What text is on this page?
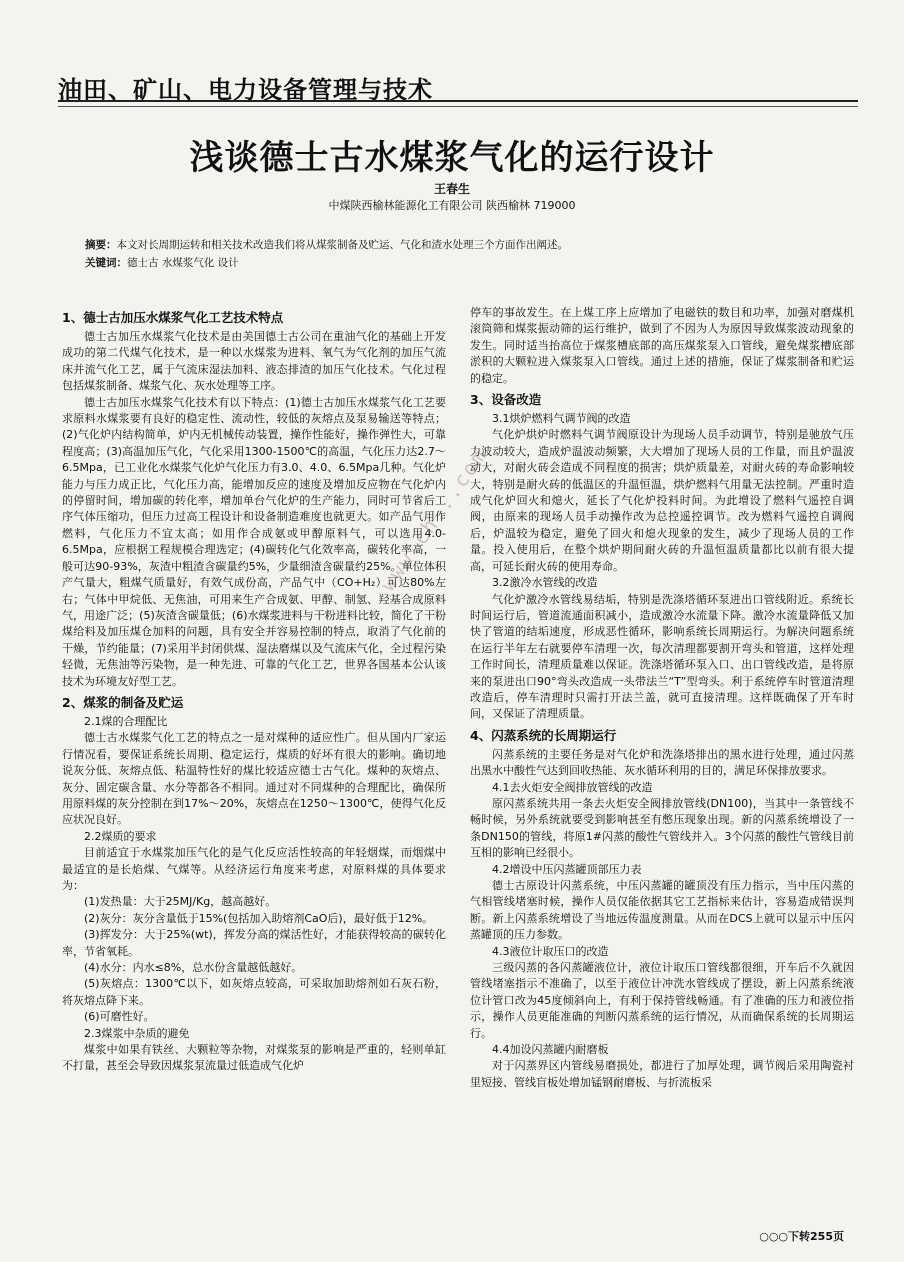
油田、矿山、电力设备管理与技术
浅谈德士古水煤浆气化的运行设计
王春生
中煤陕西榆林能源化工有限公司 陕西榆林 719000
摘要：本文对长周期运转和相关技术改造我们将从煤浆制备及贮运、气化和渣水处理三个方面作出阐述。
关键词：德士古 水煤浆气化 设计
1、德士古加压水煤浆气化工艺技术特点

德士古加压水煤浆气化技术是由美国德士古公司在重油气化的基础上开发成功的第二代煤气化技术，是一种以水煤浆为进料、氧气为气化剂的加压气流床并流气化工艺，属于气流床湿法加料、液态排渣的加压气化技术。气化过程包括煤浆制备、煤浆气化、灰水处理等工序。

德士古加压水煤浆气化技术有以下特点：(1)德士古加压水煤浆气化工艺要求原料水煤浆要有良好的稳定性、流动性，较低的灰熔点及泵易输送等特点；(2)气化炉内结构简单，炉内无机械传动装置，操作性能好，操作弹性大，可靠程度高；(3)高温加压气化，气化采用1300-1500℃的高温，气化压力达2.7～6.5Mpa，已工业化水煤浆气化炉气化压力有3.0、4.0、6.5Mpa几种。气化炉能力与压力成正比，气化压力高，能增加反应的速度及增加反应物在气化炉内的停留时间，增加碳的转化率，增加单台气化炉的生产能力，同时可节省后工序气体压缩功，但压力过高工程设计和设备制造难度也就更大。如产品气用作燃料，气化压力不宜太高；如用作合成氨或甲醇原料气，可以选用4.0-6.5Mpa，应根据工程规模合理选定；(4)碳转化气化效率高，碳转化率高，一般可达90-93%，灰渣中粗渣含碳量约5%，少量细渣含碳量约25%。单位体积产气量大，粗煤气质量好，有效气成份高，产品气中（CO+H₂）可达80%左右；气体中甲烷低、无焦油，可用来生产合成氨、甲醇、制氢、羟基合成原料气，用途广泛；(5)灰渣含碳量低；(6)水煤浆进料与干粉进料比较，简化了干粉煤给料及加压煤仓加料的问题，具有安全并容易控制的特点，取消了气化前的干燥，节约能量；(7)采用半封闭供煤、湿法磨煤以及气流床气化，全过程污染轻微，无焦油等污染物，是一种先进、可靠的气化工艺，世界各国基本公认该技术为环境友好型工艺。

2、煤浆的制备及贮运
2.1煤的合理配比

德士古水煤浆气化工艺的特点之一是对煤种的适应性广。但从国内厂家运行情况看，要保证系统长周期、稳定运行，煤质的好坏有很大的影响。确切地说灰分低、灰熔点低、粘温特性好的煤比较适应德士古气化。煤种的灰熔点、灰分、固定碳含量、水分等都各不相同。通过对不同煤种的合理配比，确保所用原料煤的灰分控制在到17%～20%，灰熔点在1250～1300℃，使得气化反应状况良好。

2.2煤质的要求

目前适宜于水煤浆加压气化的是气化反应活性较高的年轻烟煤，而烟煤中最适宜的是长焰煤、气煤等。从经济运行角度来考虑，对原料煤的具体要求为：

(1)发热量：大于25MJ/Kg，越高越好。

(2)灰分：灰分含量低于15%(包括加入助熔剂CaO后)，最好低于12%。

(3)挥发分：大于25%(wt)，挥发分高的煤活性好，才能获得较高的碳转化率，节省氧耗。

(4)水分：内水≤8%，总水份含量越低越好。

(5)灰熔点：1300℃以下，如灰熔点较高，可采取加助熔剂如石灰石粉，将灰熔点降下来。

(6)可磨性好。

2.3煤浆中杂质的避免

煤浆中如果有铁丝、大颗粒等杂物，对煤浆泵的影响是严重的，轻则单缸不打量，甚至会导致因煤浆泵流量过低造成气化炉

停车的事故发生。在上煤工序上应增加了电磁铁的数目和功率，加强对磨煤机滚筒筛和煤浆振动筛的运行维护，做到了不因为人为原因导致煤浆波动现象的发生。同时适当抬高位于煤浆槽底部的高压煤浆泵入口管线，避免煤浆槽底部淤积的大颗粒进入煤浆泵入口管线。通过上述的措施，保证了煤浆制备和贮运的稳定。

3、设备改造
3.1烘炉燃料气调节阀的改造

气化炉烘炉时燃料气调节阀原设计为现场人员手动调节，特别是驰放气压力波动较大，造成炉温波动频繁，大大增加了现场人员的工作量，而且炉温波动大，对耐火砖会造成不同程度的损害；烘炉质量差，对耐火砖的寿命影响较大，特别是耐火砖的低温区的升温恒温，烘炉燃料气用量无法控制。严重时造成气化炉回火和熄火，延长了气化炉投料时间。为此增设了燃料气遥控自调阀，由原来的现场人员手动操作改为总控遥控调节。改为燃料气遥控自调阀后，炉温较为稳定，避免了回火和熄火现象的发生，减少了现场人员的工作量。投入使用后，在整个烘炉期间耐火砖的升温恒温质量都比以前有很大提高，可延长耐火砖的使用寿命。

3.2激冷水管线的改造

气化炉激冷水管线易结垢，特别是洗涤塔循环泵进出口管线附近。系统长时间运行后，管道流通面积减小，造成激冷水流量下降。激冷水流量降低又加快了管道的结垢速度，形成恶性循环，影响系统长周期运行。为解决问题系统在运行半年左右就要停车清理一次，每次清理都要割开弯头和管道，这样处理工作时间长，清理质量难以保证。洗涤塔循环泵入口、出口管线改造，是将原来的泵进出口90°弯头改造成一头带法兰“T”型弯头。利于系统停车时管道清理改造后，停车清理时只需打开法兰盖，就可直接清理。这样既确保了开车时间，又保证了清理质量。

4、闪蒸系统的长周期运行

闪蒸系统的主要任务是对气化炉和洗涤塔排出的黑水进行处理，通过闪蒸出黑水中酸性气达到回收热能、灰水循环利用的目的，满足环保排放要求。

4.1去火炬安全阀排放管线的改造

原闪蒸系统共用一条去火炬安全阀排放管线(DN100)，当其中一条管线不畅时候，另外系统就要受到影响甚至有憋压现象出现。新的闪蒸系统增设了一条DN150的管线，将原1#闪蒸的酸性气管线并入。3个闪蒸的酸性气管线目前互相的影响已经很小。

4.2增设中压闪蒸罐顶部压力表

德士古原设计闪蒸系统，中压闪蒸罐的罐顶没有压力指示，当中压闪蒸的气相管线堵塞时候，操作人员仅能依据其它工艺指标来估计，容易造成错误判断。新上闪蒸系统增设了当地远传温度测量。从而在DCS上就可以显示中压闪蒸罐顶的压力参数。

4.3液位计取压口的改造

三级闪蒸的各闪蒸罐液位计，液位计取压口管线都很细，开车后不久就因管线堵塞指示不准确了，以至于液位计冲洗水管线成了摆设，新上闪蒸系统液位计管口改为45度倾斜向上，有利于保持管线畅通。有了准确的压力和液位指示，操作人员更能准确的判断闪蒸系统的运行情况，从而确保系统的长周期运行。

4.4加设闪蒸罐内耐磨板

对于闪蒸界区内管线易磨损处，都进行了加厚处理，调节阀后采用陶瓷衬里短接、管线盲板处增加锰钢耐磨板、与折流板采

www.ch...com
○○○下转255页
